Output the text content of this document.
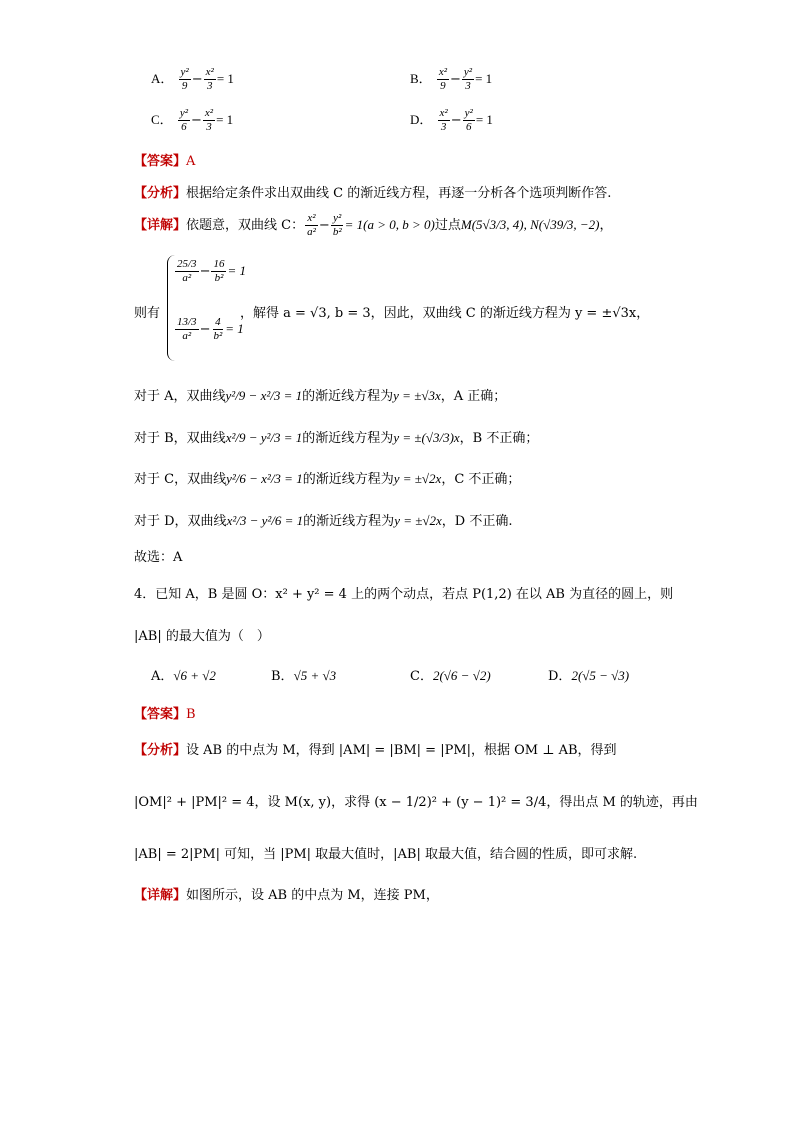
A． $\frac{\text{y²}}{9} - \frac{\text{x²}}{3} = 1$	B． $\frac{\text{x²}}{9} - \frac{\text{y²}}{3} = 1$
C． $\frac{\text{y²}}{6} - \frac{\text{x²}}{3} = 1$	D． $\frac{\text{x²}}{3} - \frac{\text{y²}}{6} = 1$
【答案】A
【分析】根据给定条件求出双曲线 C 的渐近线方程，再逐一分析各个选项判断作答.
【详解】依题意，双曲线 C： $\frac{\text{x²}}{\text{a²}} - \frac{\text{y²}}{\text{b²}} = 1(a > 0$, b > 0)过点M(5√3/3, 4), N(√39/3, −2)，
则有
$\frac{25/3}{\text{a²}} - \frac{16}{\text{b²}} = 1$
$\frac{13/3}{\text{a²}} - \frac{4}{\text{b²}} = 1$
，解得 a = √3, b = 3，因此，双曲线 C 的渐近线方程为 y = ±√3x，
对于 A，双曲线y²/9 − x²/3 = 1的渐近线方程为y = ±√3x，A 正确；
对于 B，双曲线x²/9 − y²/3 = 1的渐近线方程为y = ±(√3/3)x，B 不正确；
对于 C，双曲线y²/6 − x²/3 = 1的渐近线方程为y = ±√2x，C 不正确；
对于 D，双曲线x²/3 − y²/6 = 1的渐近线方程为y = ±√2x，D 不正确.
故选：A
4．已知 A，B 是圆 O：x² + y² = 4 上的两个动点，若点 P(1,2) 在以 AB 为直径的圆上，则
|AB| 的最大值为（　）
A．√6 + √2	B．√5 + √3	C．2(√6 − √2)	D．2(√5 − √3)
【答案】B
【分析】设 AB 的中点为 M，得到 |AM| = |BM| = |PM|，根据 OM ⊥ AB，得到
|OM|² + |PM|² = 4，设 M(x, y)，求得 (x − 1/2)² + (y − 1)² = 3/4，得出点 M 的轨迹，再由
|AB| = 2|PM| 可知，当 |PM| 取最大值时，|AB| 取最大值，结合圆的性质，即可求解.
【详解】如图所示，设 AB 的中点为 M，连接 PM，
